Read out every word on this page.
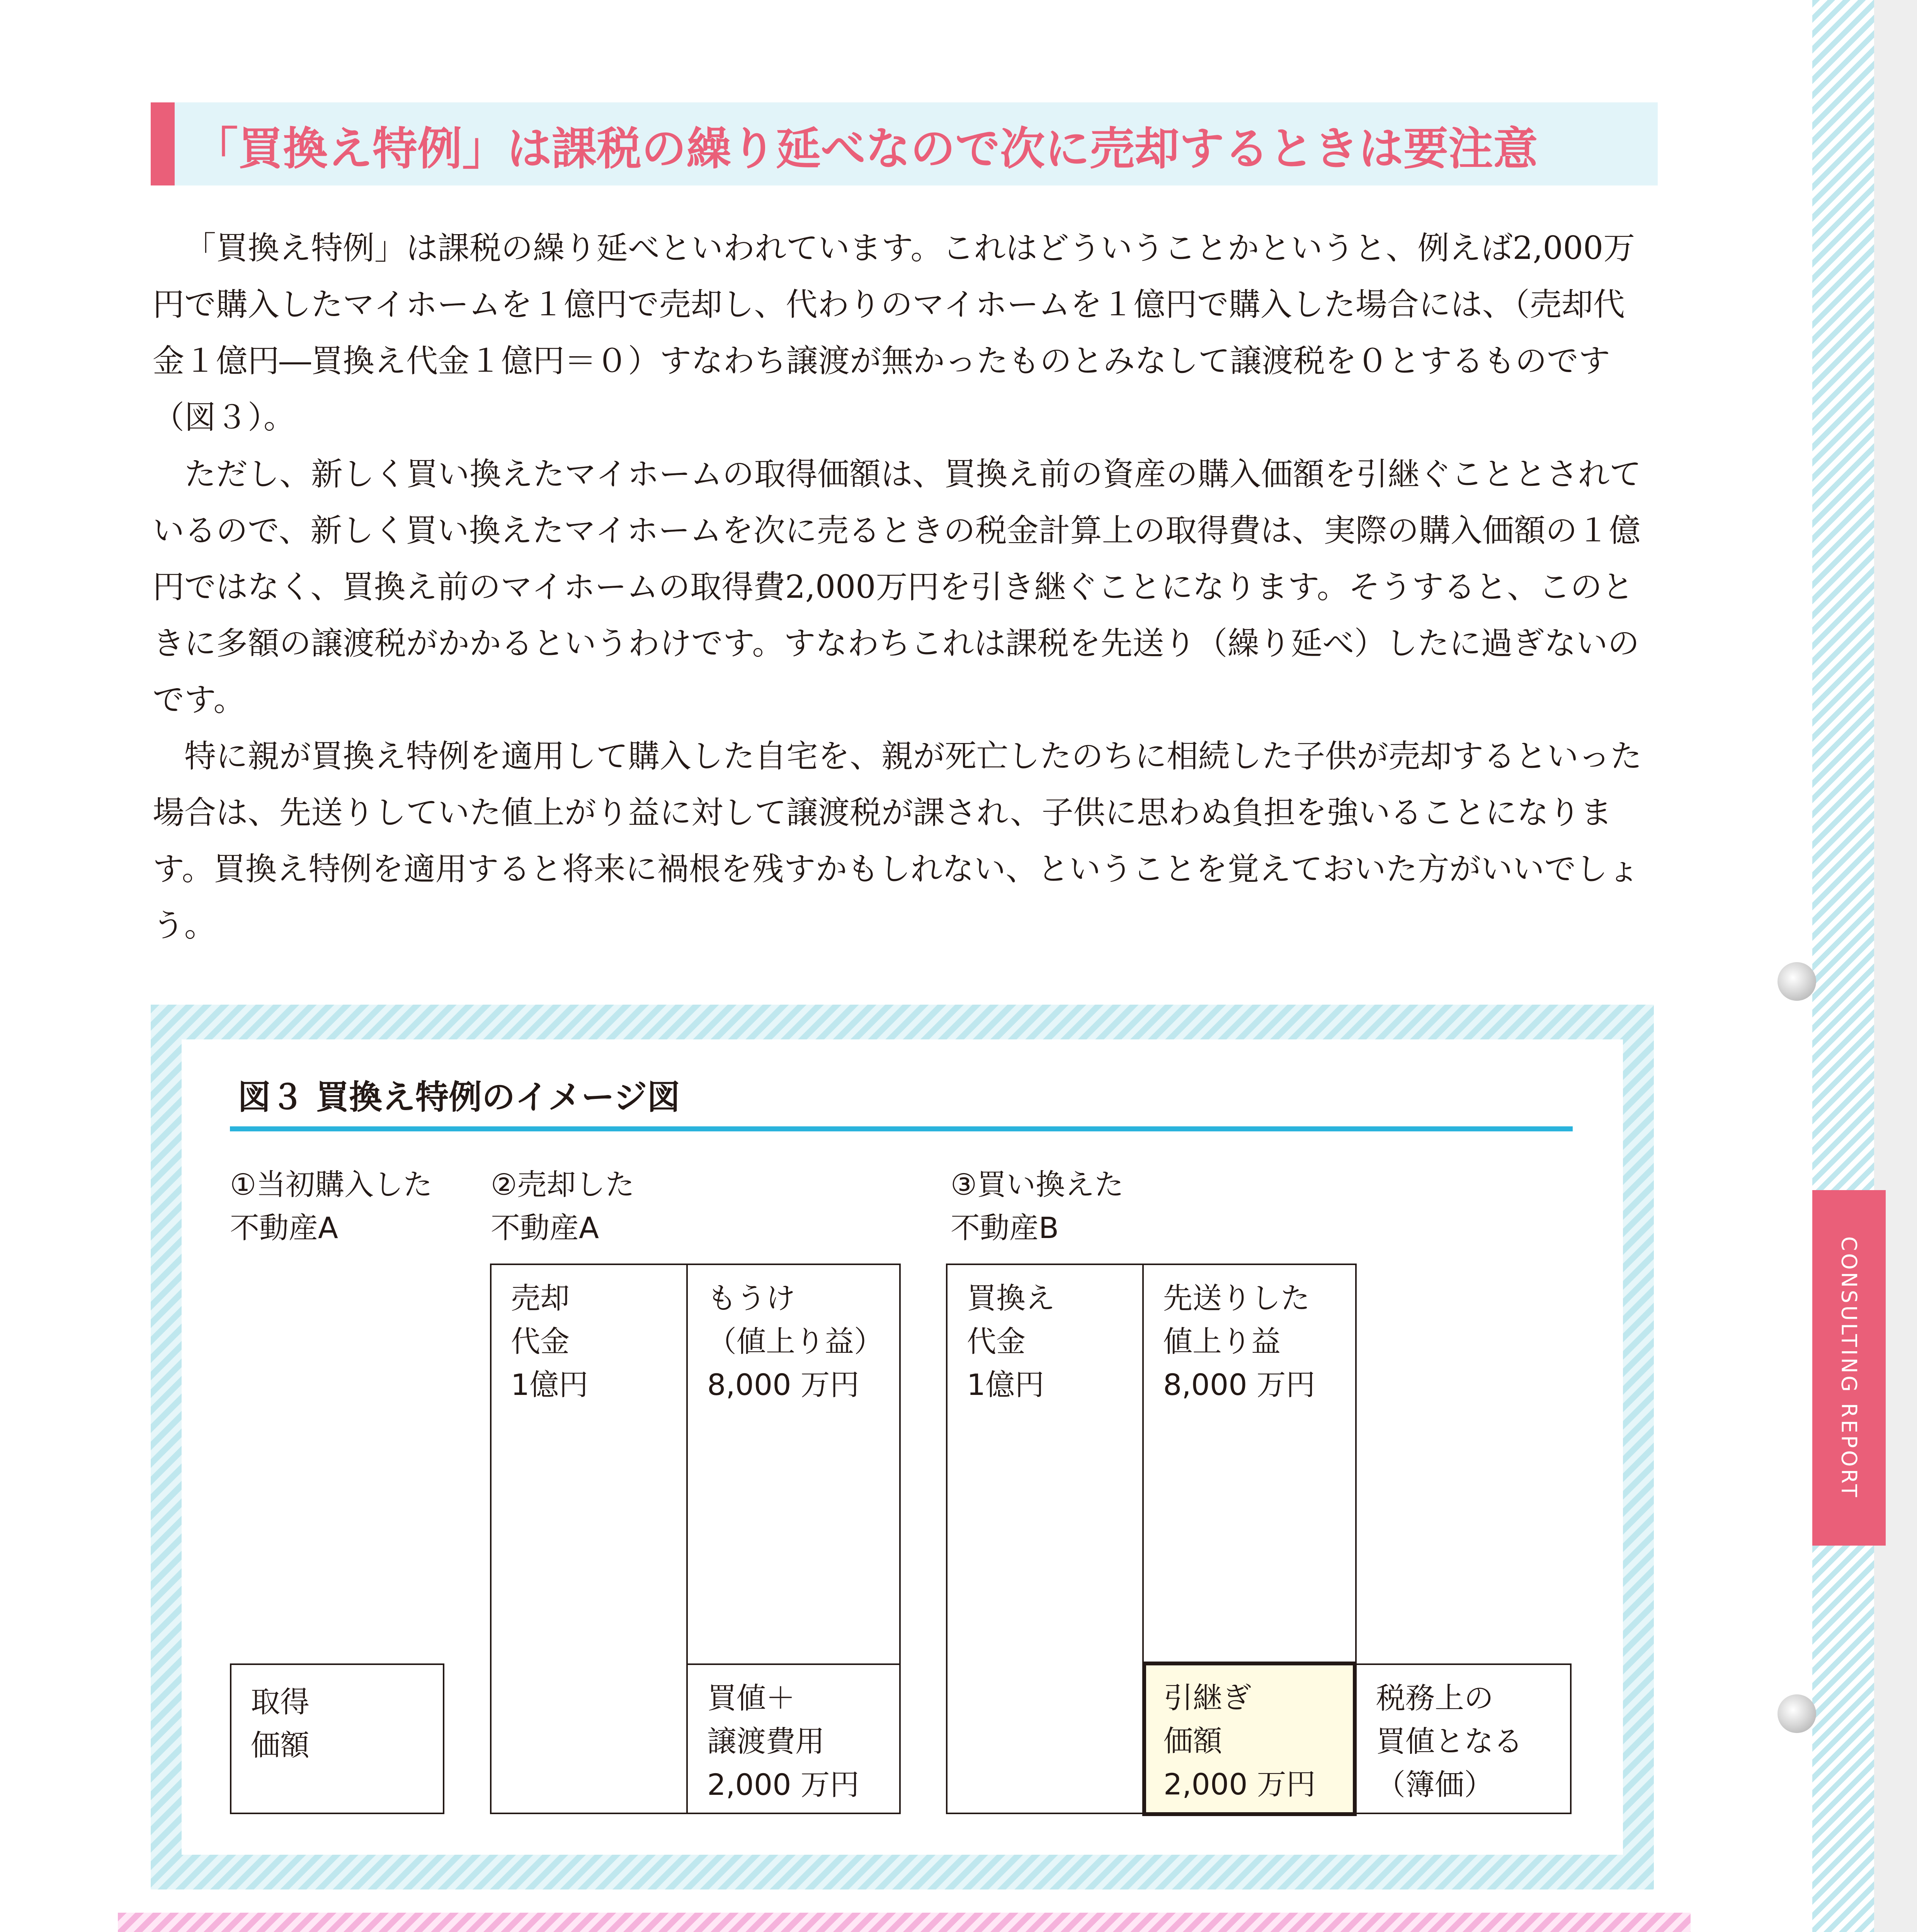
CONSULTING REPORT
「買換え特例」は課税の繰り延べなので次に売却するときは要注意

「買換え特例」は課税の繰り延べといわれています。これはどういうことかというと、例えば2,000万円で購入したマイホームを１億円で売却し、代わりのマイホームを１億円で購入した場合には、（売却代金１億円―買換え代金１億円＝０）すなわち譲渡が無かったものとみなして譲渡税を０とするものです（図３）。

ただし、新しく買い換えたマイホームの取得価額は、買換え前の資産の購入価額を引継ぐこととされているので、新しく買い換えたマイホームを次に売るときの税金計算上の取得費は、実際の購入価額の１億円ではなく、買換え前のマイホームの取得費2,000万円を引き継ぐことになります。そうすると、このときに多額の譲渡税がかかるというわけです。すなわちこれは課税を先送り（繰り延べ）したに過ぎないのです。

特に親が買換え特例を適用して購入した自宅を、親が死亡したのちに相続した子供が売却するといった場合は、先送りしていた値上がり益に対して譲渡税が課され、子供に思わぬ負担を強いることになります。買換え特例を適用すると将来に禍根を残すかもしれない、ということを覚えておいた方がいいでしょう。

図３ 買換え特例のイメージ図
①当初購入した
不動産A
②売却した
不動産A
③買い換えた
不動産B
取得
価額
売却
代金
1億円
もうけ
（値上り益）
8,000 万円
買値＋
譲渡費用
2,000 万円
買換え
代金
1億円
先送りした
値上り益
8,000 万円
引継ぎ
価額
2,000 万円
税務上の
買値となる
（簿価）
